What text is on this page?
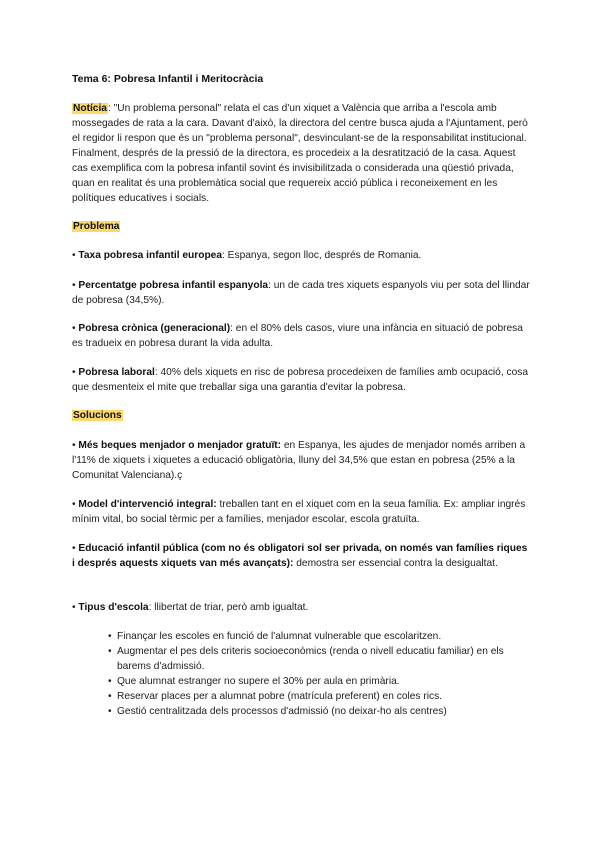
Tema 6: Pobresa Infantil i Meritocràcia
Notícia: "Un problema personal" relata el cas d'un xiquet a València que arriba a l'escola amb mossegades de rata a la cara. Davant d'això, la directora del centre busca ajuda a l'Ajuntament, però el regidor li respon que és un "problema personal", desvinculant-se de la responsabilitat institucional. Finalment, després de la pressió de la directora, es procedeix a la desratització de la casa. Aquest cas exemplifica com la pobresa infantil sovint és invisibilitzada o considerada una qüestió privada, quan en realitat és una problemàtica social que requereix acció pública i reconeixement en les polítiques educatives i socials.
Problema
• Taxa pobresa infantil europea: Espanya, segon lloc, després de Romania.
• Percentatge pobresa infantil espanyola: un de cada tres xiquets espanyols viu per sota del llindar de pobresa (34,5%).
• Pobresa crònica (generacional): en el 80% dels casos, viure una infància en situació de pobresa es tradueix en pobresa durant la vida adulta.
• Pobresa laboral: 40% dels xiquets en risc de pobresa procedeixen de famílies amb ocupació, cosa que desmenteix el mite que treballar siga una garantia d'evitar la pobresa.
Solucions
• Més beques menjador o menjador gratuït: en Espanya, les ajudes de menjador només arriben a l'11% de xiquets i xiquetes a educació obligatòria, lluny del 34,5% que estan en pobresa (25% a la Comunitat Valenciana).ç
• Model d'intervenció integral: treballen tant en el xiquet com en la seua família. Ex: ampliar ingrés mínim vital, bo social tèrmic per a famílies, menjador escolar, escola gratuïta.
• Educació infantil pública (com no és obligatori sol ser privada, on només van famílies riques i després aquests xiquets van més avançats): demostra ser essencial contra la desigualtat.
• Tipus d'escola: llibertat de triar, però amb igualtat.
• Finançar les escoles en funció de l'alumnat vulnerable que escolaritzen.
• Augmentar el pes dels criteris socioeconòmics (renda o nivell educatiu familiar) en els barems d'admissió.
• Que alumnat estranger no supere el 30% per aula en primària.
• Reservar places per a alumnat pobre (matrícula preferent) en coles rics.
• Gestió centralitzada dels processos d'admissió (no deixar-ho als centres)
